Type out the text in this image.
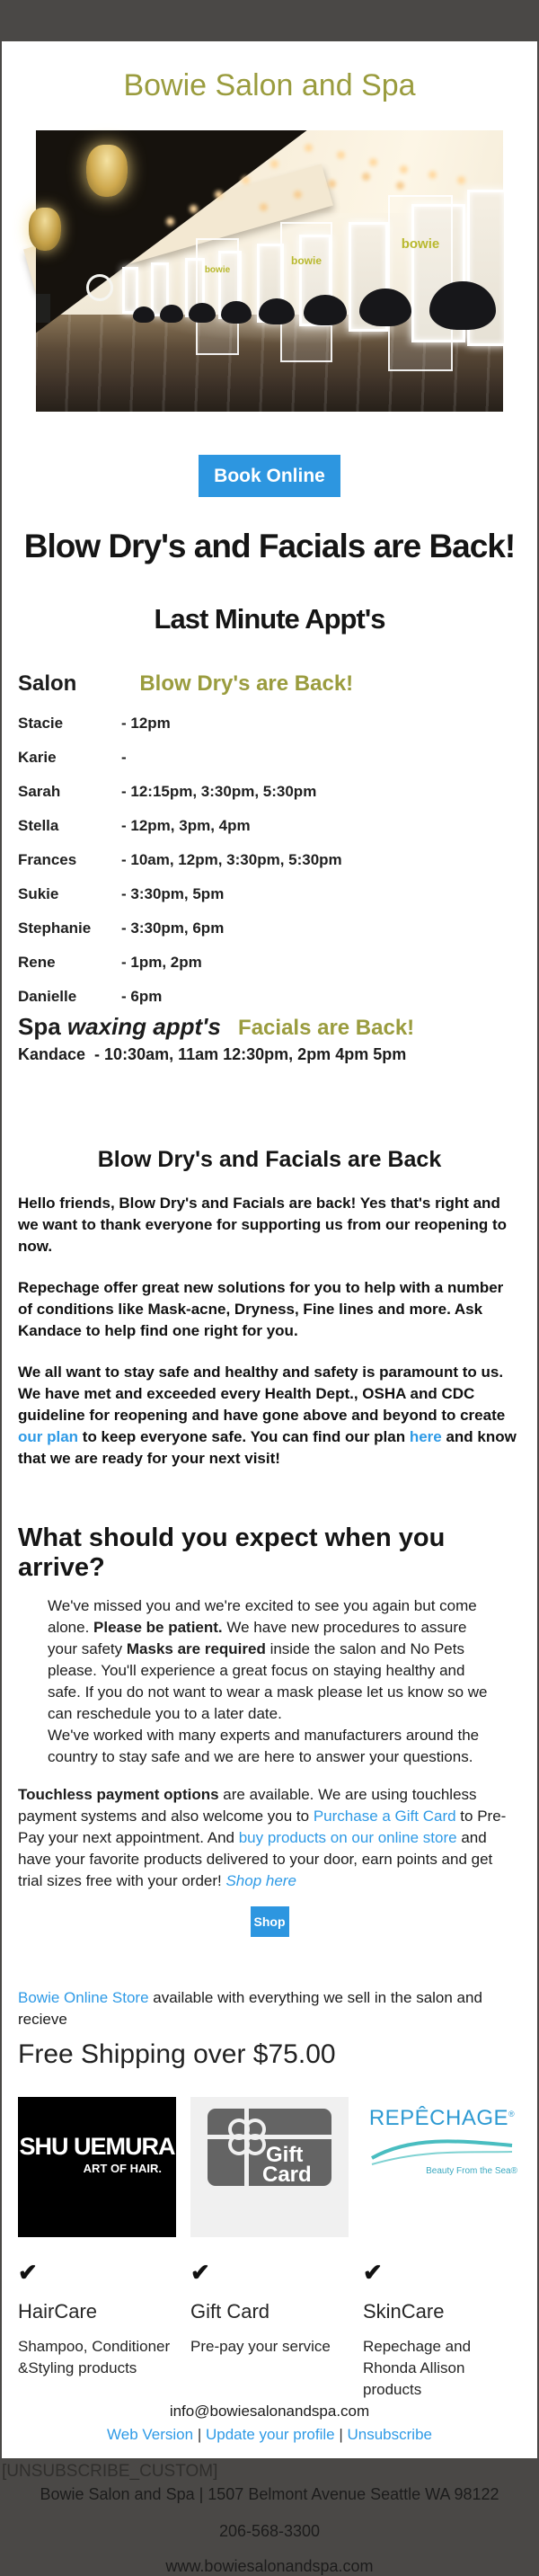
Bowie Salon and Spa
bowie
bowie
bowie
Book Online
Blow Dry's and Facials are Back!
Last Minute Appt's
Salon	Blow Dry's are Back!
Stacie	- 12pm
Karie	-
Sarah	- 12:15pm, 3:30pm, 5:30pm
Stella	- 12pm, 3pm, 4pm
Frances	- 10am, 12pm, 3:30pm, 5:30pm
Sukie	- 3:30pm, 5pm
Stephanie - 3:30pm, 6pm
Rene	- 1pm, 2pm
Danielle	- 6pm
Spa waxing appt's Facials are Back!
Kandace - 10:30am, 11am 12:30pm, 2pm 4pm 5pm
Blow Dry's and Facials are Back

Hello friends, Blow Dry's and Facials are back! Yes that's right and we want to thank everyone for supporting us from our reopening to now.

Repechage offer great new solutions for you to help with a number of conditions like Mask-acne, Dryness, Fine lines and more. Ask Kandace to help find one right for you.

We all want to stay safe and healthy and safety is paramount to us.
We have met and exceeded every Health Dept., OSHA and CDC guideline for reopening and have gone above and beyond to create our plan to keep everyone safe. You can find our plan here and know that we are ready for your next visit!

What should you expect when you arrive?

We've missed you and we're excited to see you again but come alone. Please be patient. We have new procedures to assure your safety Masks are required inside the salon and No Pets please. You'll experience a great focus on staying healthy and safe. If you do not want to wear a mask please let us know so we can reschedule you to a later date.
We've worked with many experts and manufacturers around the country to stay safe and we are here to answer your questions.

Touchless payment options are available. We are using touchless payment systems and also welcome you to Purchase a Gift Card to Pre-Pay your next appointment. And buy products on our online store and have your favorite products delivered to your door, earn points and get trial sizes free with your order! Shop here

Shop

Bowie Online Store available with everything we sell in the salon and recieve

Free Shipping over $75.00
SHU UEMURA
ART OF HAIR.
✔
HairCare
Shampoo, Conditioner &Styling products
Gift
Card
✔
Gift Card
Pre-pay your service
REPÊCHAGE®
Beauty From the Sea®
✔
SkinCare
Repechage and Rhonda Allison products
info@bowiesalonandspa.com
Web Version | Update your profile | Unsubscribe
Bowie Salon and Spa | 1507 Belmont Avenue Seattle WA 98122
206-568-3300
www.bowiesalonandspa.com
[UNSUBSCRIBE_CUSTOM]
